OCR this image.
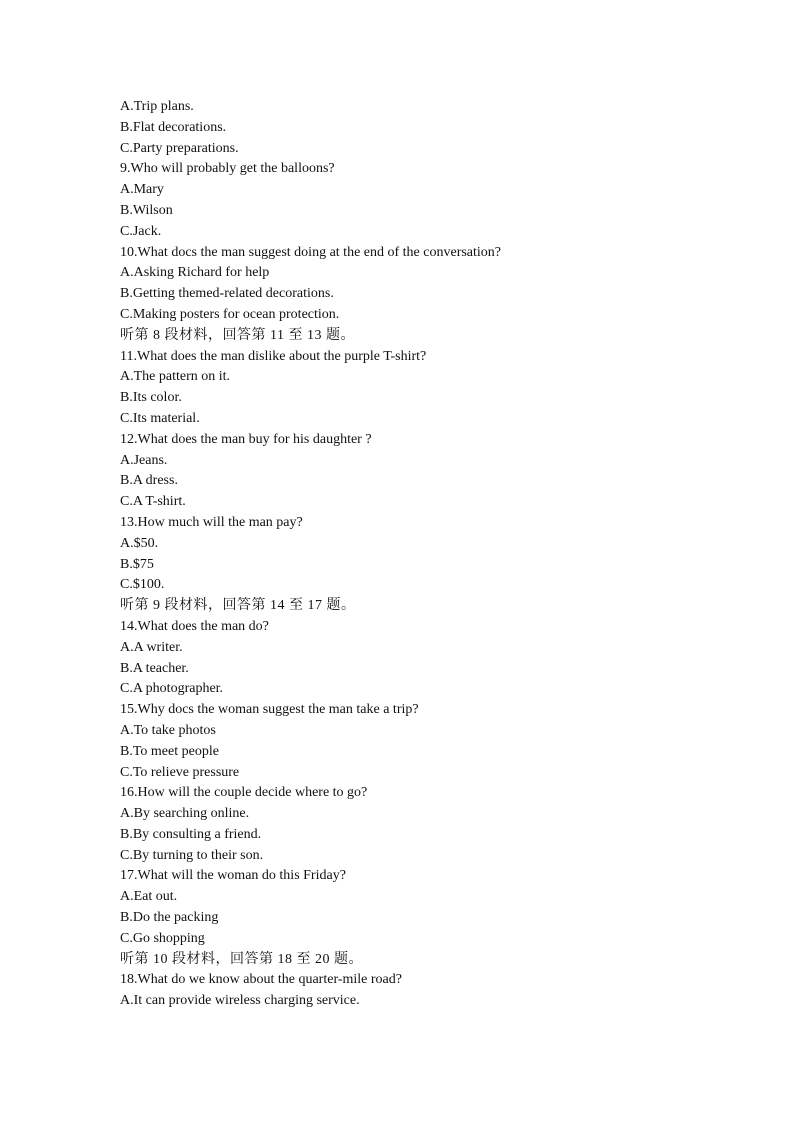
A.Trip plans.
B.Flat decorations.
C.Party preparations.
9.Who will probably get the balloons?
A.Mary
B.Wilson
C.Jack.
10.What docs the man suggest doing at the end of the conversation?
A.Asking Richard for help
B.Getting themed-related decorations.
C.Making posters for ocean protection.
听第 8 段材料，回答第 11 至 13 题。
11.What does the man dislike about the purple T-shirt?
A.The pattern on it.
B.Its color.
C.Its material.
12.What does the man buy for his daughter ?
A.Jeans.
B.A dress.
C.A T-shirt.
13.How much will the man pay?
A.$50.
B.$75
C.$100.
听第 9 段材料，回答第 14 至 17 题。
14.What does the man do?
A.A writer.
B.A teacher.
C.A photographer.
15.Why docs the woman suggest the man take a trip?
A.To take photos
B.To meet people
C.To relieve pressure
16.How will the couple decide where to go?
A.By searching online.
B.By consulting a friend.
C.By turning to their son.
17.What will the woman do this Friday?
A.Eat out.
B.Do the packing
C.Go shopping
听第 10 段材料，回答第 18 至 20 题。
18.What do we know about the quarter-mile road?
A.It can provide wireless charging service.
